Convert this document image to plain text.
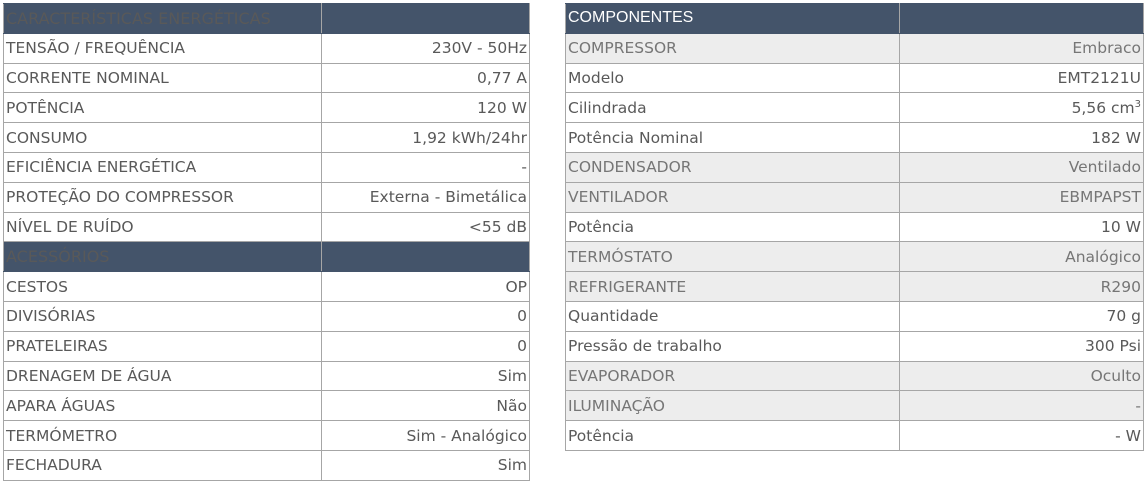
CARACTERÍSTICAS ENERGÉTICAS	
TENSÃO / FREQUÊNCIA	230V - 50Hz
CORRENTE NOMINAL	0,77 A
POTÊNCIA	120 W
CONSUMO	1,92 kWh/24hr
EFICIÊNCIA ENERGÉTICA	-
PROTEÇÃO DO COMPRESSOR	Externa - Bimetálica
NÍVEL DE RUÍDO	<55 dB
ACESSÓRIOS	
CESTOS	OP
DIVISÓRIAS	0
PRATELEIRAS	0
DRENAGEM DE ÁGUA	Sim
APARA ÁGUAS	Não
TERMÓMETRO	Sim - Analógico
FECHADURA	Sim
COMPONENTES	
COMPRESSOR	Embraco
Modelo	EMT2121U
Cilindrada	5,56 $cm^3$
Potência Nominal	182 W
CONDENSADOR	Ventilado
VENTILADOR	EBMPAPST
Potência	10 W
TERMÓSTATO	Analógico
REFRIGERANTE	R290
Quantidade	70 g
Pressão de trabalho	300 Psi
EVAPORADOR	Oculto
ILUMINAÇÃO	-
Potência	- W
